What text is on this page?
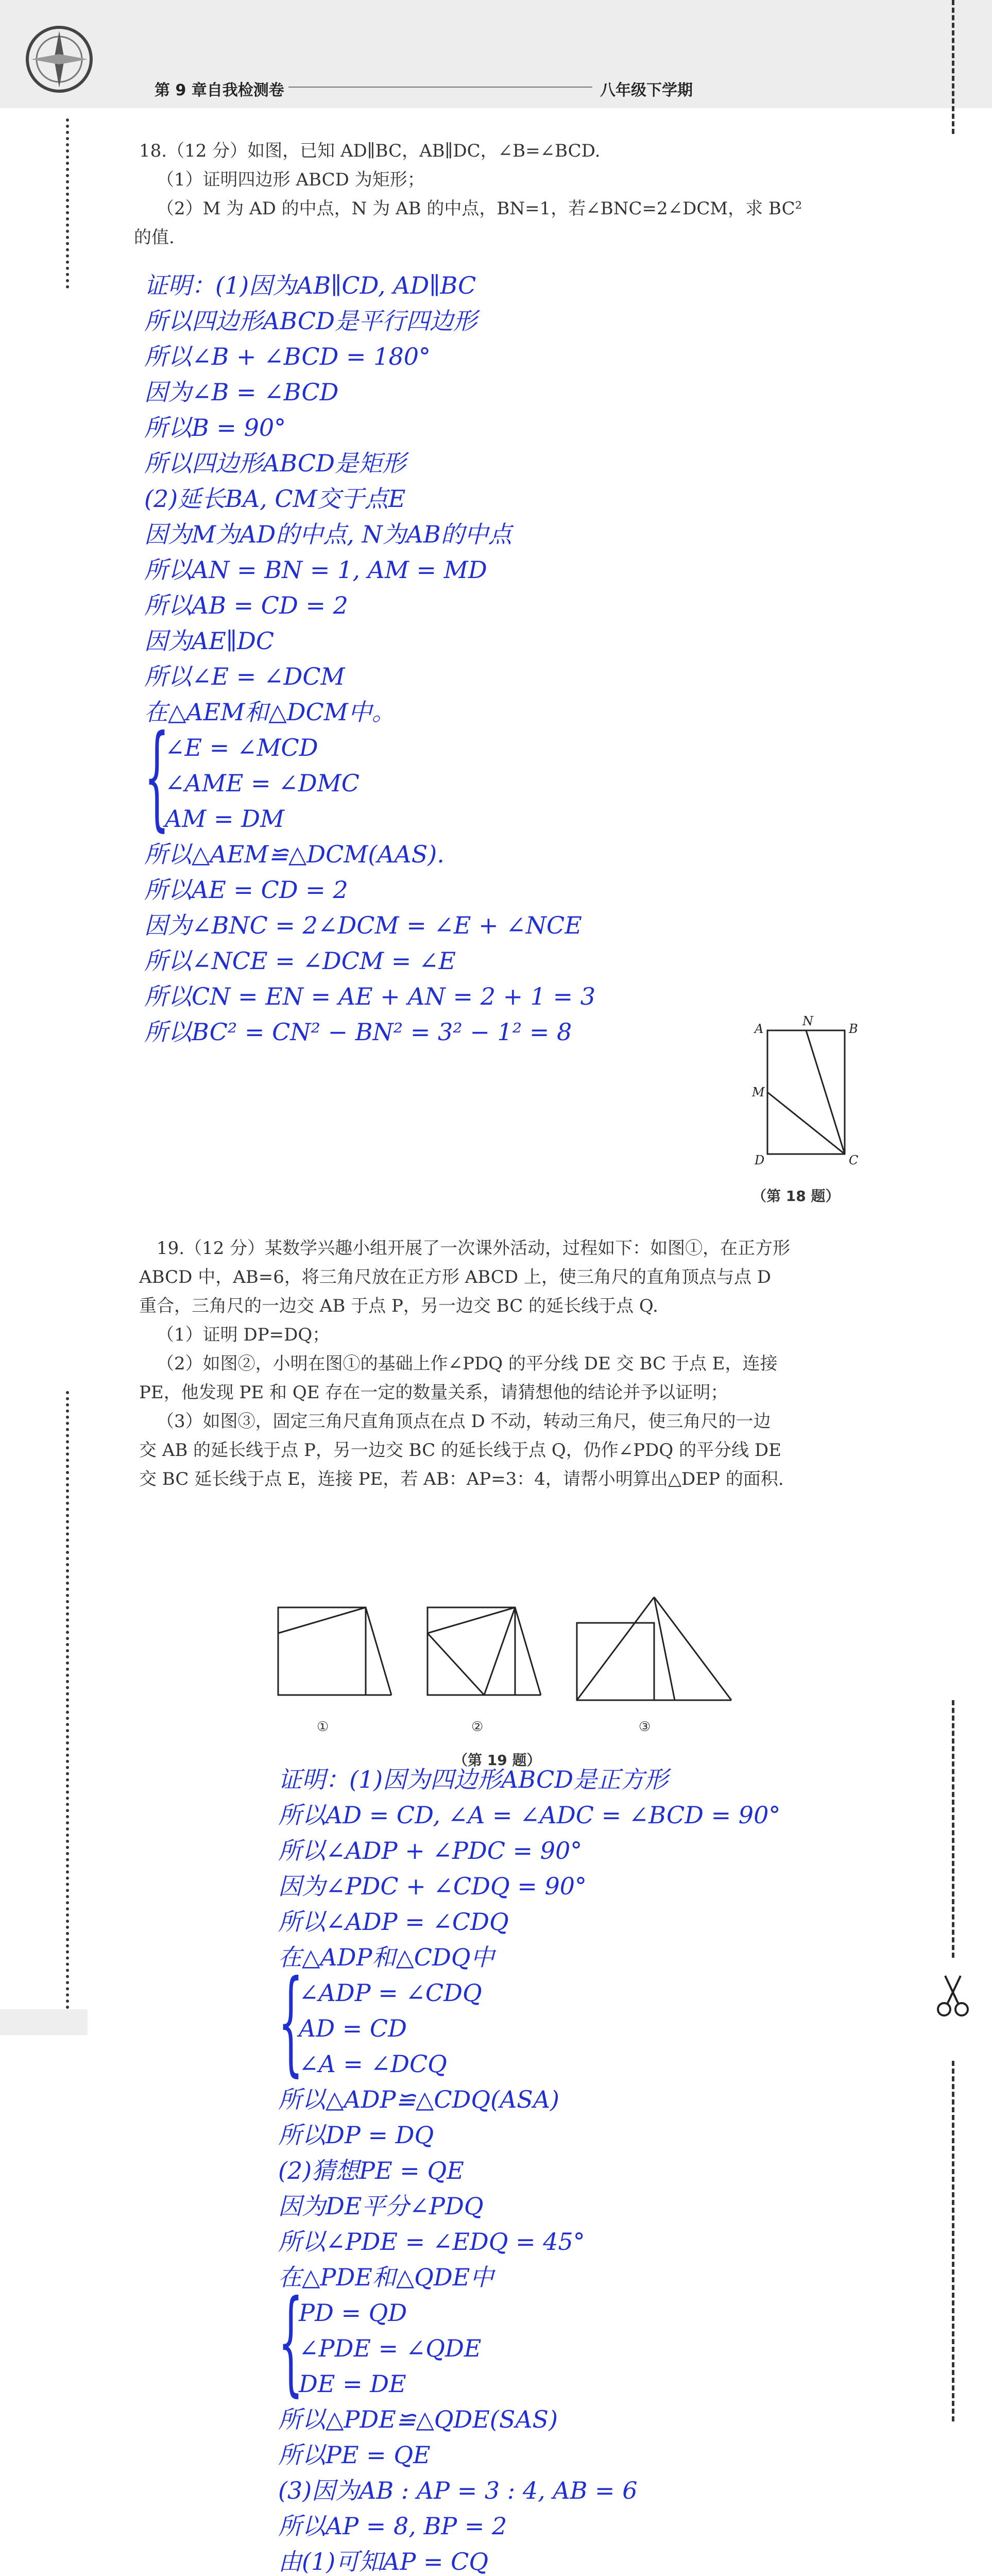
第 9 章自我检测卷	八年级下学期

18.（12 分）如图，已知 AD∥BC，AB∥DC，∠B=∠BCD.

（1）证明四边形 ABCD 为矩形；

（2）M 为 AD 的中点，N 为 AB 的中点，BN=1，若∠BNC=2∠DCM，求 BC²

的值.

证明：(1)因为AB∥CD, AD∥BC
所以四边形ABCD是平行四边形
所以∠B + ∠BCD = 180°
因为∠B = ∠BCD
所以B = 90°
所以四边形ABCD是矩形
(2)延长BA, CM交于点E
因为M为AD的中点, N为AB的中点
所以AN = BN = 1, AM = MD
所以AB = CD = 2
因为AE∥DC
所以∠E = ∠DCM
在△AEM和△DCM中。
{
∠E = ∠MCD
∠AME = ∠DMC
AM = DM
所以△AEM≌△DCM(AAS).
所以AE = CD = 2
因为∠BNC = 2∠DCM = ∠E + ∠NCE
所以∠NCE = ∠DCM = ∠E
所以CN = EN = AE + AN = 2 + 1 = 3
所以BC² = CN² − BN² = 3² − 1² = 8	A
N
B
M
D	C
（第 18 题）

19.（12 分）某数学兴趣小组开展了一次课外活动，过程如下：如图①，在正方形

ABCD 中，AB=6，将三角尺放在正方形 ABCD 上，使三角尺的直角顶点与点 D

重合，三角尺的一边交 AB 于点 P，另一边交 BC 的延长线于点 Q.

（1）证明 DP=DQ；

（2）如图②，小明在图①的基础上作∠PDQ 的平分线 DE 交 BC 于点 E，连接

PE，他发现 PE 和 QE 存在一定的数量关系，请猜想他的结论并予以证明；

（3）如图③，固定三角尺直角顶点在点 D 不动，转动三角尺，使三角尺的一边

交 AB 的延长线于点 P，另一边交 BC 的延长线于点 Q，仍作∠PDQ 的平分线 DE

交 BC 延长线于点 E，连接 PE，若 AB：AP=3：4，请帮小明算出△DEP 的面积.

①	②	③
（第 19 题）
证明：(1)因为四边形ABCD是正方形
所以AD = CD, ∠A = ∠ADC = ∠BCD = 90°
所以∠ADP + ∠PDC = 90°
因为∠PDC + ∠CDQ = 90°
所以∠ADP = ∠CDQ
在△ADP和△CDQ中
{
∠ADP = ∠CDQ
AD = CD
∠A = ∠DCQ
所以△ADP≌△CDQ(ASA)
所以DP = DQ
(2)猜想PE = QE
因为DE平分∠PDQ
所以∠PDE = ∠EDQ = 45°
在△PDE和△QDE中
{
PD = QD
∠PDE = ∠QDE
DE = DE
所以△PDE≌△QDE(SAS)
所以PE = QE
(3)因为AB : AP = 3 : 4, AB = 6
所以AP = 8, BP = 2
由(1)可知AP = CQ
